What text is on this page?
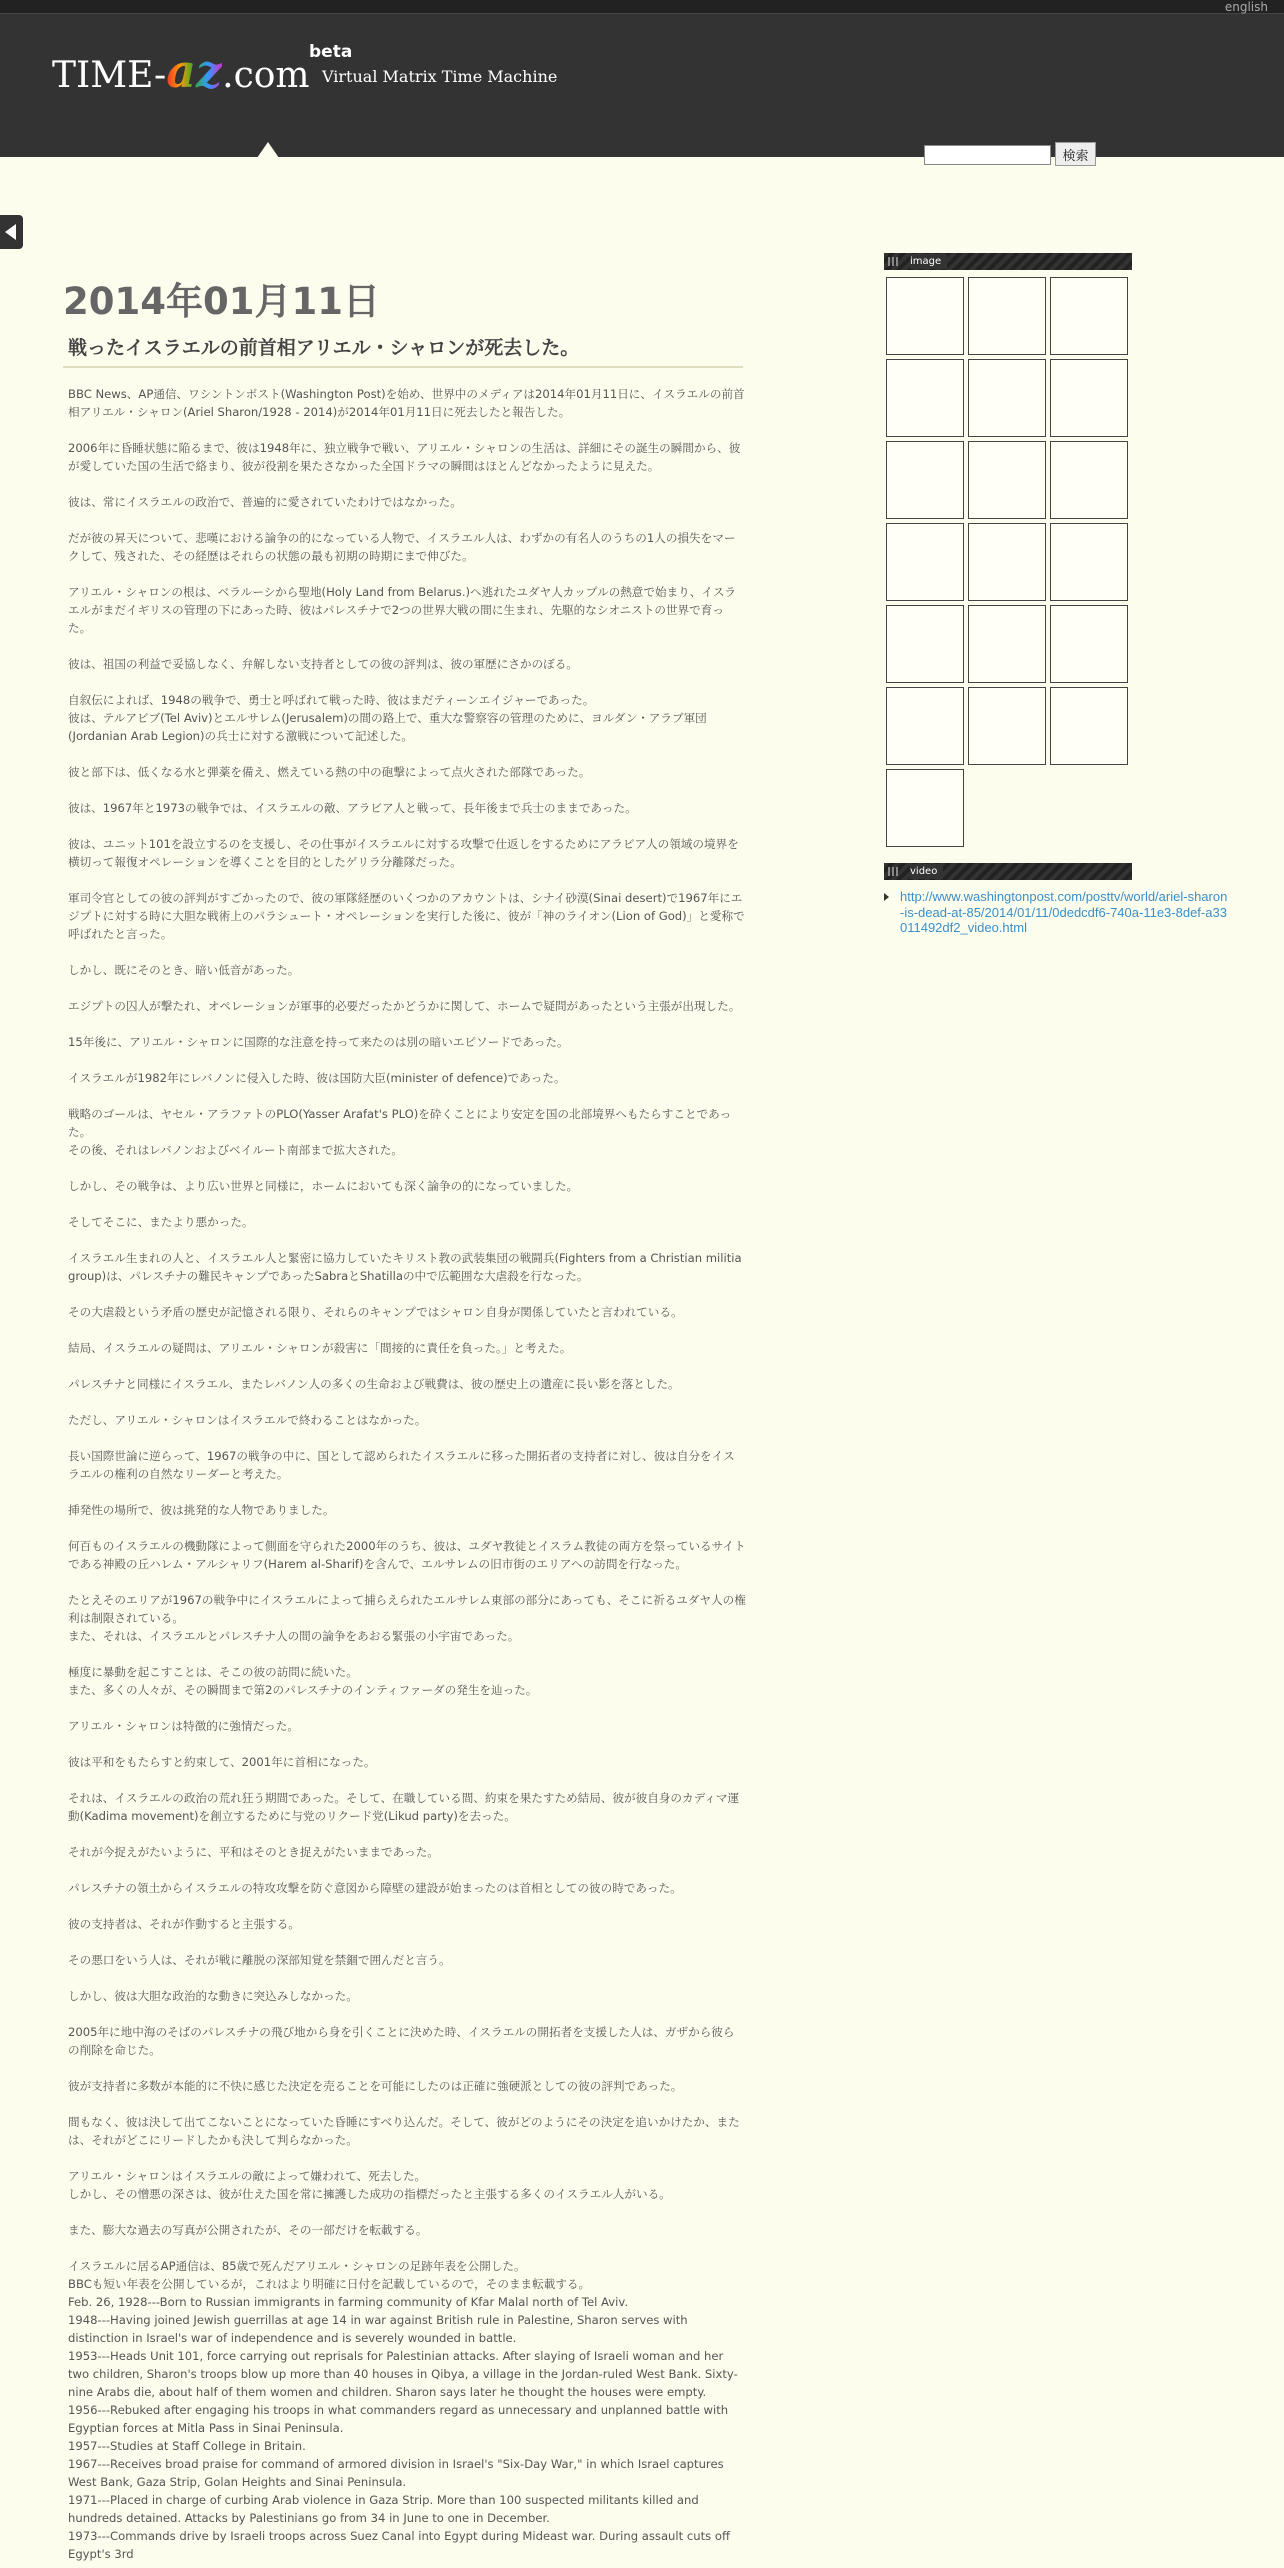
english
TIME-az.com
beta
Virtual Matrix Time Machine
検索
2014年01月11日
戦ったイスラエルの前首相アリエル・シャロンが死去した。

BBC News、AP通信、ワシントンポスト(Washington Post)を始め、世界中のメディアは2014年01月11日に、イスラエルの前首相アリエル・シャロン(Ariel Sharon/1928 - 2014)が2014年01月11日に死去したと報告した。

2006年に昏睡状態に陥るまで、彼は1948年に、独立戦争で戦い、アリエル・シャロンの生活は、詳細にその誕生の瞬間から、彼が愛していた国の生活で絡まり、彼が役割を果たさなかった全国ドラマの瞬間はほとんどなかったように見えた。

彼は、常にイスラエルの政治で、普遍的に愛されていたわけではなかった。

だが彼の昇天について、悲嘆における論争の的になっている人物で、イスラエル人は、わずかの有名人のうちの1人の損失をマークして、残された、その経歴はそれらの状態の最も初期の時期にまで伸びた。

アリエル・シャロンの根は、ベラルーシから聖地(Holy Land from Belarus.)へ逃れたユダヤ人カップルの熱意で始まり、イスラエルがまだイギリスの管理の下にあった時、彼はパレスチナで2つの世界大戦の間に生まれ、先駆的なシオニストの世界で育った。

彼は、祖国の利益で妥協しなく、弁解しない支持者としての彼の評判は、彼の軍歴にさかのぼる。

自叙伝によれば、1948の戦争で、勇士と呼ばれて戦った時、彼はまだティーンエイジャーであった。
彼は、テルアビブ(Tel Aviv)とエルサレム(Jerusalem)の間の路上で、重大な警察容の管理のために、ヨルダン・アラブ軍団(Jordanian Arab Legion)の兵士に対する激戦について記述した。

彼と部下は、低くなる水と弾薬を備え、燃えている熱の中の砲撃によって点火された部隊であった。

彼は、1967年と1973の戦争では、イスラエルの敵、アラビア人と戦って、長年後まで兵士のままであった。

彼は、ユニット101を設立するのを支援し、その仕事がイスラエルに対する攻撃で仕返しをするためにアラビア人の領域の境界を横切って報復オペレーションを導くことを目的としたゲリラ分離隊だった。

軍司令官としての彼の評判がすごかったので、彼の軍隊経歴のいくつかのアカウントは、シナイ砂漠(Sinai desert)で1967年にエジプトに対する時に大胆な戦術上のパラシュート・オペレーションを実行した後に、彼が「神のライオン(Lion of God)」と愛称で呼ばれたと言った。

しかし、既にそのとき、暗い低音があった。

エジプトの囚人が撃たれ、オペレーションが軍事的必要だったかどうかに関して、ホームで疑問があったという主張が出現した。

15年後に、アリエル・シャロンに国際的な注意を持って来たのは別の暗いエピソードであった。

イスラエルが1982年にレバノンに侵入した時、彼は国防大臣(minister of defence)であった。

戦略のゴールは、ヤセル・アラファトのPLO(Yasser Arafat's PLO)を砕くことにより安定を国の北部境界へもたらすことであった。
その後、それはレバノンおよびベイルート南部まで拡大された。

しかし、その戦争は、より広い世界と同様に，ホームにおいても深く論争の的になっていました。

そしてそこに、またより悪かった。

イスラエル生まれの人と、イスラエル人と緊密に協力していたキリスト教の武装集団の戦闘兵(Fighters from a Christian militia group)は、パレスチナの難民キャンプであったSabraとShatillaの中で広範囲な大虐殺を行なった。

その大虐殺という矛盾の歴史が記憶される限り、それらのキャンプではシャロン自身が関係していたと言われている。

結局、イスラエルの疑問は、アリエル・シャロンが殺害に「間接的に責任を負った。」と考えた。

パレスチナと同様にイスラエル、またレバノン人の多くの生命および戦費は、彼の歴史上の遺産に長い影を落とした。

ただし、アリエル・シャロンはイスラエルで終わることはなかった。

長い国際世論に逆らって、1967の戦争の中に、国として認められたイスラエルに移った開拓者の支持者に対し、彼は自分をイスラエルの権利の自然なリーダーと考えた。

挿発性の場所で、彼は挑発的な人物でありました。

何百ものイスラエルの機動隊によって側面を守られた2000年のうち、彼は、ユダヤ教徒とイスラム教徒の両方を祭っているサイトである神殿の丘ハレム・アルシャリフ(Harem al-Sharif)を含んで、エルサレムの旧市街のエリアへの訪問を行なった。

たとえそのエリアが1967の戦争中にイスラエルによって捕らえられたエルサレム東部の部分にあっても、そこに祈るユダヤ人の権利は制限されている。
また、それは、イスラエルとパレスチナ人の間の論争をあおる緊張の小宇宙であった。

極度に暴動を起こすことは、そこの彼の訪問に続いた。
また、多くの人々が、その瞬間まで第2のパレスチナのインティファーダの発生を辿った。

アリエル・シャロンは特徴的に強情だった。

彼は平和をもたらすと約束して、2001年に首相になった。

それは、イスラエルの政治の荒れ狂う期間であった。そして、在職している間、約束を果たすため結局、彼が彼自身のカディマ運動(Kadima movement)を創立するために与党のリクード党(Likud party)を去った。

それが今捉えがたいように、平和はそのとき捉えがたいままであった。

パレスチナの領土からイスラエルの特攻攻撃を防ぐ意図から障壁の建設が始まったのは首相としての彼の時であった。

彼の支持者は、それが作動すると主張する。

その悪口をいう人は、それが戦に離脱の深部知覚を禁錮で囲んだと言う。

しかし、彼は大胆な政治的な動きに突込みしなかった。

2005年に地中海のそばのパレスチナの飛び地から身を引くことに決めた時、イスラエルの開拓者を支援した人は、ガザから彼らの削除を命じた。

彼が支持者に多数が本能的に不快に感じた決定を売ることを可能にしたのは正確に強硬派としての彼の評判であった。

間もなく、彼は決して出てこないことになっていた昏睡にすべり込んだ。そして、彼がどのようにその決定を追いかけたか、または、それがどこにリードしたかも決して判らなかった。

アリエル・シャロンはイスラエルの敵によって嫌われて、死去した。
しかし、その憎悪の深さは、彼が仕えた国を常に擁護した成功の指標だったと主張する多くのイスラエル人がいる。

また、膨大な過去の写真が公開されたが、その一部だけを転載する。

イスラエルに居るAP通信は、85歳で死んだアリエル・シャロンの足跡年表を公開した。

BBCも短い年表を公開しているが，これはより明確に日付を記載しているので，そのまま転載する。

Feb. 26, 1928---Born to Russian immigrants in farming community of Kfar Malal north of Tel Aviv.

1948---Having joined Jewish guerrillas at age 14 in war against British rule in Palestine, Sharon serves with distinction in Israel's war of independence and is severely wounded in battle.

1953---Heads Unit 101, force carrying out reprisals for Palestinian attacks. After slaying of Israeli woman and her two children, Sharon's troops blow up more than 40 houses in Qibya, a village in the Jordan-ruled West Bank. Sixty-nine Arabs die, about half of them women and children. Sharon says later he thought the houses were empty.

1956---Rebuked after engaging his troops in what commanders regard as unnecessary and unplanned battle with Egyptian forces at Mitla Pass in Sinai Peninsula.

1957---Studies at Staff College in Britain.

1967---Receives broad praise for command of armored division in Israel's "Six-Day War," in which Israel captures West Bank, Gaza Strip, Golan Heights and Sinai Peninsula.

1971---Placed in charge of curbing Arab violence in Gaza Strip. More than 100 suspected militants killed and hundreds detained. Attacks by Palestinians go from 34 in June to one in December.

1973---Commands drive by Israeli troops across Suez Canal into Egypt during Mideast war. During assault cuts off Egypt's 3rd

image
video
http://www.washingtonpost.com/posttv/world/ariel-sharon-is-dead-at-85/2014/01/11/0dedcdf6-740a-11e3-8def-a33011492df2_video.html
